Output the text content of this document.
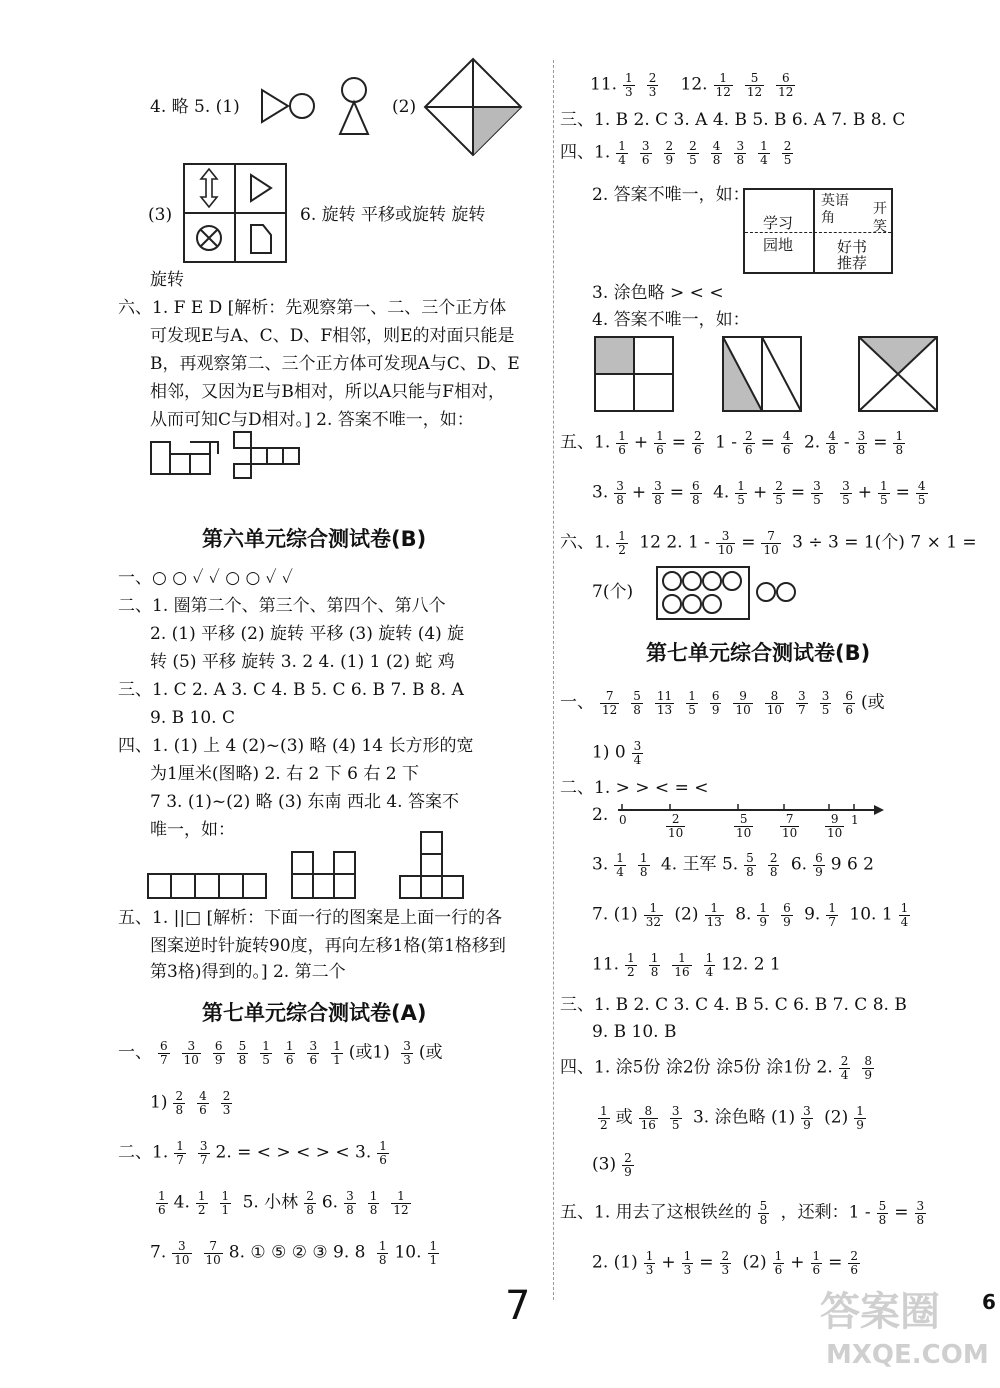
4. 略 5. (1)	(2)
(3)	6. 旋转 平移或旋转 旋转
旋转
六、1. F E D [解析：先观察第一、二、三个正方体
可发现E与A、C、D、F相邻，则E的对面只能是
B，再观察第二、三个正方体可发现A与C、D、E
相邻，又因为E与B相对，所以A只能与F相对，
从而可知C与D相对。] 2. 答案不唯一，如：
第六单元综合测试卷(B)
一、○ ○ ✓ ✓ ○ ○ ✓ ✓
二、1. 圈第二个、第三个、第四个、第八个
2. (1) 平移 (2) 旋转 平移 (3) 旋转 (4) 旋
转 (5) 平移 旋转 3. 2 4. (1) 1 (2) 蛇 鸡
三、1. C 2. A 3. C 4. B 5. C 6. B 7. B 8. A
9. B 10. C
四、1. (1) 上 4 (2)~(3) 略 (4) 14 长方形的宽
为1厘米(图略) 2. 右 2 下 6 右 2 下
7 3. (1)~(2) 略 (3) 东南 西北 4. 答案不
唯一，如：
五、1. ||□ [解析：下面一行的图案是上面一行的各
图案逆时针旋转90度，再向左移1格(第1格移到
第3格)得到的。] 2. 第二个
第七单元综合测试卷(A)
一、 $\frac{6}{7} \frac{3}{10} \frac{6}{9} \frac{5}{8} \frac{1}{5} \frac{1}{6} \frac{3}{6} \frac{1}{1}$ (或$1) \frac{3}{3}$ (或
$1) \frac{2}{8} \frac{4}{6} \frac{2}{3}$
二、1. $\frac{1}{7} \frac{3}{7} 2$. = < > < > < 3. $\frac{1}{6}$
$\frac{1}{6} 4$. $\frac{1}{2} \frac{1}{1} 5$. 小林 $\frac{2}{8} 6$. $\frac{3}{8} \frac{1}{8} \frac{1}{12}$
7. $\frac{3}{10} \frac{7}{10} 8$. ① ⑤ ② ③ 9. $8 \frac{1}{8} 10$. $\frac{1}{1}$
11. $\frac{1}{3} \frac{2}{3} 12$. $\frac{1}{12} \frac{5}{12} \frac{6}{12}$
三、1. B 2. C 3. A 4. B 5. B 6. A 7. B 8. C
四、1. $\frac{1}{4} \frac{3}{6} \frac{2}{9} \frac{2}{5} \frac{4}{8} \frac{3}{8} \frac{1}{4} \frac{2}{5}$
2. 答案不唯一，如：
学习
园地
英语
角
开
笑
好书
推荐
3. 涂色略 > < <
4. 答案不唯一，如：
五、1. $\frac{1}{6} + \frac{1}{6} = \frac{2}{6} 1 - \frac{2}{6} = \frac{4}{6} 2$. $\frac{4}{8} - \frac{3}{8} = \frac{1}{8}$
3. $\frac{3}{8} + \frac{3}{8} = \frac{6}{8} 4$. $\frac{1}{5} + \frac{2}{5} = \frac{3}{5}$
$\frac{3}{5} + \frac{1}{5} = \frac{4}{5}$
六、1. $\frac{1}{2} 12$ 2. $1 - \frac{3}{10} = \frac{7}{10} 3 \div 3 = 1$(个) 7 × 1 =
7(个)
第七单元综合测试卷(B)
一、 $\frac{7}{12} \frac{5}{8} \frac{11}{13} \frac{1}{5} \frac{6}{9} \frac{9}{10} \frac{8}{10} \frac{3}{7} \frac{3}{5} \frac{6}{6}$ (或
1) $0 \frac{3}{4}$
二、1. > > < = <
2. 0	1
$\frac{2}{10}$	$\frac{5}{10} \frac{7}{10} \frac{9}{10}$
3. $\frac{1}{4} \frac{1}{8} 4$. 王军 5. $\frac{5}{8} \frac{2}{8} 6$. $\frac{6}{9} 9$ 6 2
7. $(1) \frac{1}{32} (2) \frac{1}{13} 8$. $\frac{1}{9} \frac{6}{9} 9$. $\frac{1}{7} 10$. $1 \frac{1}{4}$
11. $\frac{1}{2} \frac{1}{8} \frac{1}{16} \frac{1}{4} 12$. 2 1
三、1. B 2. C 3. C 4. B 5. C 6. B 7. C 8. B
9. B 10. B
四、1. 涂5份 涂2份 涂5份 涂1份 2. $\frac{2}{4} \frac{8}{9}$
$\frac{1}{2}$ 或 $\frac{8}{16} \frac{3}{5} 3$. 涂色略 $(1) \frac{3}{9} (2) \frac{1}{9}$
$(3) \frac{2}{9}$
五、1. 用去了这根铁丝的 $\frac{5}{8}$ ，还剩：$1 - \frac{5}{8} = \frac{3}{8}$
2. $(1) \frac{1}{3} + \frac{1}{3} = \frac{2}{3} (2) \frac{1}{6} + \frac{1}{6} = \frac{2}{6}$
7	6
答案圈
MXQE.COM
